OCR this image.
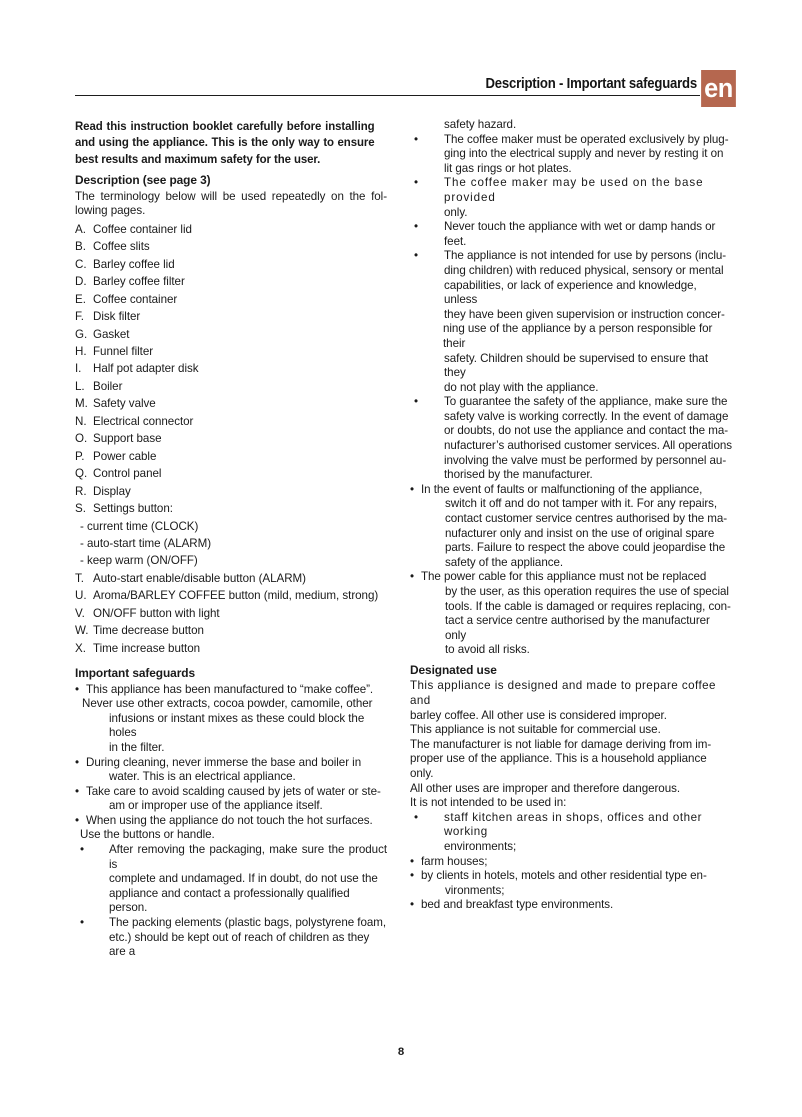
Description - Important safeguards en
Read this instruction booklet carefully before installing and using the appliance. This is the only way to ensure best results and maximum safety for the user.
Description (see page 3)
The terminology below will be used repeatedly on the fol- lowing pages.
A. Coffee container lid
B. Coffee slits
C. Barley coffee lid
D. Barley coffee filter
E. Coffee container
F. Disk filter
G. Gasket
H. Funnel filter
I. Half pot adapter disk
L. Boiler
M. Safety valve
N. Electrical connector
O. Support base
P. Power cable
Q. Control panel
R. Display
S. Settings button:
- current time (CLOCK)
- auto-start time (ALARM)
- keep warm (ON/OFF)
T. Auto-start enable/disable button (ALARM)
U. Aroma/BARLEY COFFEE button (mild, medium, strong)
V. ON/OFF button with light
W. Time decrease button
X. Time increase button
Important safeguards
• This appliance has been manufactured to “make coffee”.
Never use other extracts, cocoa powder, camomile, other
infusions or instant mixes as these could block the holes
in the filter.
• During cleaning, never immerse the base and boiler in
water. This is an electrical appliance.
• Take care to avoid scalding caused by jets of water or ste-
am or improper use of the appliance itself.
• When using the appliance do not touch the hot surfaces.
Use the buttons or handle.
• After removing the packaging, make sure the product is
complete and undamaged. If in doubt, do not use the
appliance and contact a professionally qualified person.
• The packing elements (plastic bags, polystyrene foam,
etc.) should be kept out of reach of children as they are a
safety hazard.
• The coffee maker must be operated exclusively by plug-
ging into the electrical supply and never by resting it on
lit gas rings or hot plates.
• The coffee maker may be used on the base provided
only.
• Never touch the appliance with wet or damp hands or
feet.
• The appliance is not intended for use by persons (inclu-
ding children) with reduced physical, sensory or mental
capabilities, or lack of experience and knowledge, unless
they have been given supervision or instruction concer-
ning use of the appliance by a person responsible for their
safety. Children should be supervised to ensure that they
do not play with the appliance.
• To guarantee the safety of the appliance, make sure the
safety valve is working correctly. In the event of damage
or doubts, do not use the appliance and contact the ma-
nufacturer’s authorised customer services. All operations
involving the valve must be performed by personnel au-
thorised by the manufacturer.
• In the event of faults or malfunctioning of the appliance,
switch it off and do not tamper with it. For any repairs,
contact customer service centres authorised by the ma-
nufacturer only and insist on the use of original spare
parts. Failure to respect the above could jeopardise the
safety of the appliance.
• The power cable for this appliance must not be replaced
by the user, as this operation requires the use of special
tools. If the cable is damaged or requires replacing, con-
tact a service centre authorised by the manufacturer only
to avoid all risks.
Designated use
This appliance is designed and made to prepare coffee and
barley coffee. All other use is considered improper.
This appliance is not suitable for commercial use.
The manufacturer is not liable for damage deriving from im-
proper use of the appliance. This is a household appliance only.
All other uses are improper and therefore dangerous.
It is not intended to be used in:
• staff kitchen areas in shops, offices and other working
environments;
• farm houses;
• by clients in hotels, motels and other residential type en-
vironments;
• bed and breakfast type environments.
8
